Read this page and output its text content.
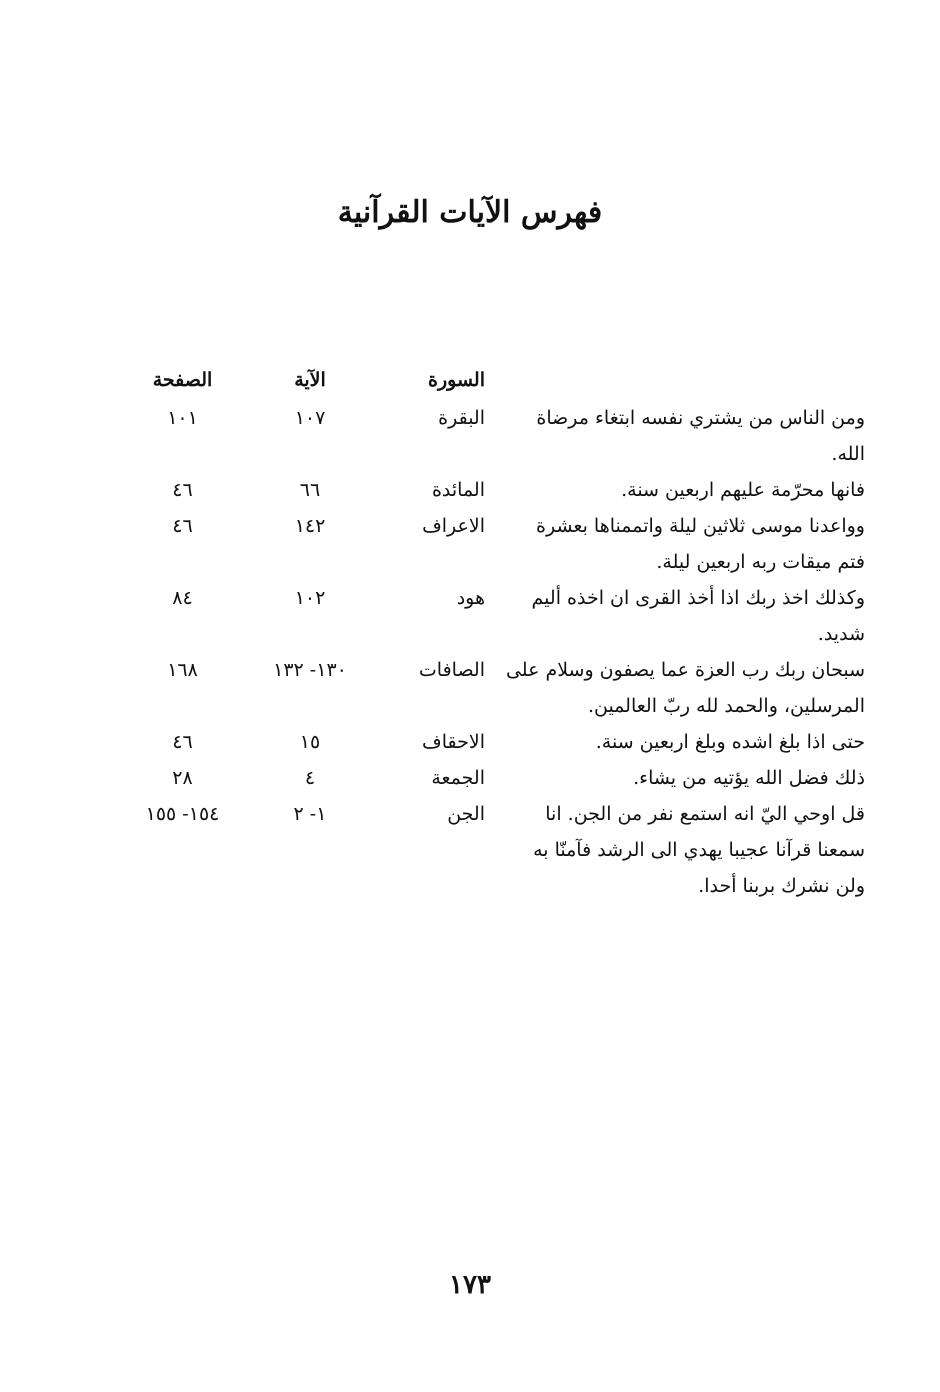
فهرس الآيات القرآنية
السورة
الآية
الصفحة
ومن الناس من يشتري نفسه ابتغاء مرضاة الله.
البقرة
١٠٧
١٠١
فانها محرّمة عليهم اربعين سنة.
المائدة
٦٦
٤٦
وواعدنا موسى ثلاثين ليلة واتممناها بعشرة فتم ميقات ربه اربعين ليلة.
الاعراف
١٤٢
٤٦
وكذلك اخذ ربك اذا أخذ القرى ان اخذه أليم شديد.
هود
١٠٢
٨٤
سبحان ربك رب العزة عما يصفون وسلام على المرسلين، والحمد لله ربّ العالمين.
الصافات
١٣٠- ١٣٢
١٦٨
حتى اذا بلغ اشده وبلغ اربعين سنة.
الاحقاف
١٥
٤٦
ذلك فضل الله يؤتيه من يشاء.
الجمعة
٤
٢٨
قل اوحي اليّ انه استمع نفر من الجن. انا سمعنا قرآنا عجيبا يهدي الى الرشد فآمنّا به ولن نشرك بربنا أحدا.
الجن
١- ٢
١٥٤- ١٥٥
١٧٣
